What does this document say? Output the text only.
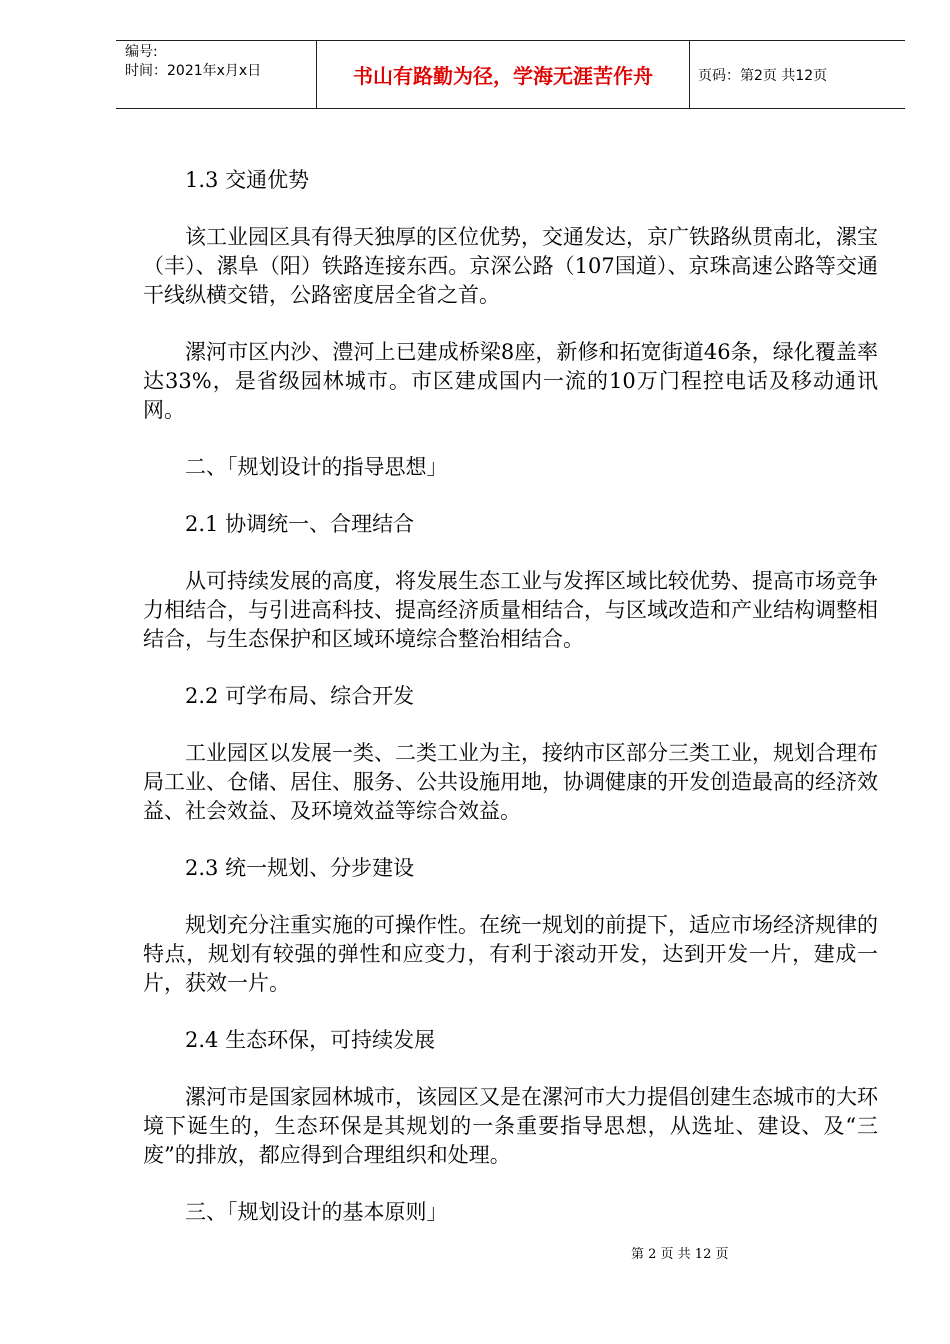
编号:
时间：2021年x月x日	书山有路勤为径，学海无涯苦作舟	页码：第2页 共12页

1.3 交通优势

该工业园区具有得天独厚的区位优势，交通发达，京广铁路纵贯南北，漯宝（丰）、漯阜（阳）铁路连接东西。京深公路（107国道）、京珠高速公路等交通干线纵横交错，公路密度居全省之首。

漯河市区内沙、澧河上已建成桥梁8座，新修和拓宽街道46条，绿化覆盖率达33%，是省级园林城市。市区建成国内一流的10万门程控电话及移动通讯网。

二、「规划设计的指导思想」

2.1 协调统一、合理结合

从可持续发展的高度，将发展生态工业与发挥区域比较优势、提高市场竞争力相结合，与引进高科技、提高经济质量相结合，与区域改造和产业结构调整相结合，与生态保护和区域环境综合整治相结合。

2.2 可学布局、综合开发

工业园区以发展一类、二类工业为主，接纳市区部分三类工业，规划合理布局工业、仓储、居住、服务、公共设施用地，协调健康的开发创造最高的经济效益、社会效益、及环境效益等综合效益。

2.3 统一规划、分步建设

规划充分注重实施的可操作性。在统一规划的前提下，适应市场经济规律的特点，规划有较强的弹性和应变力，有利于滚动开发，达到开发一片，建成一片，获效一片。

2.4 生态环保，可持续发展

漯河市是国家园林城市，该园区又是在漯河市大力提倡创建生态城市的大环境下诞生的，生态环保是其规划的一条重要指导思想，从选址、建设、及“三废”的排放，都应得到合理组织和处理。

三、「规划设计的基本原则」

第 2 页 共 12 页
